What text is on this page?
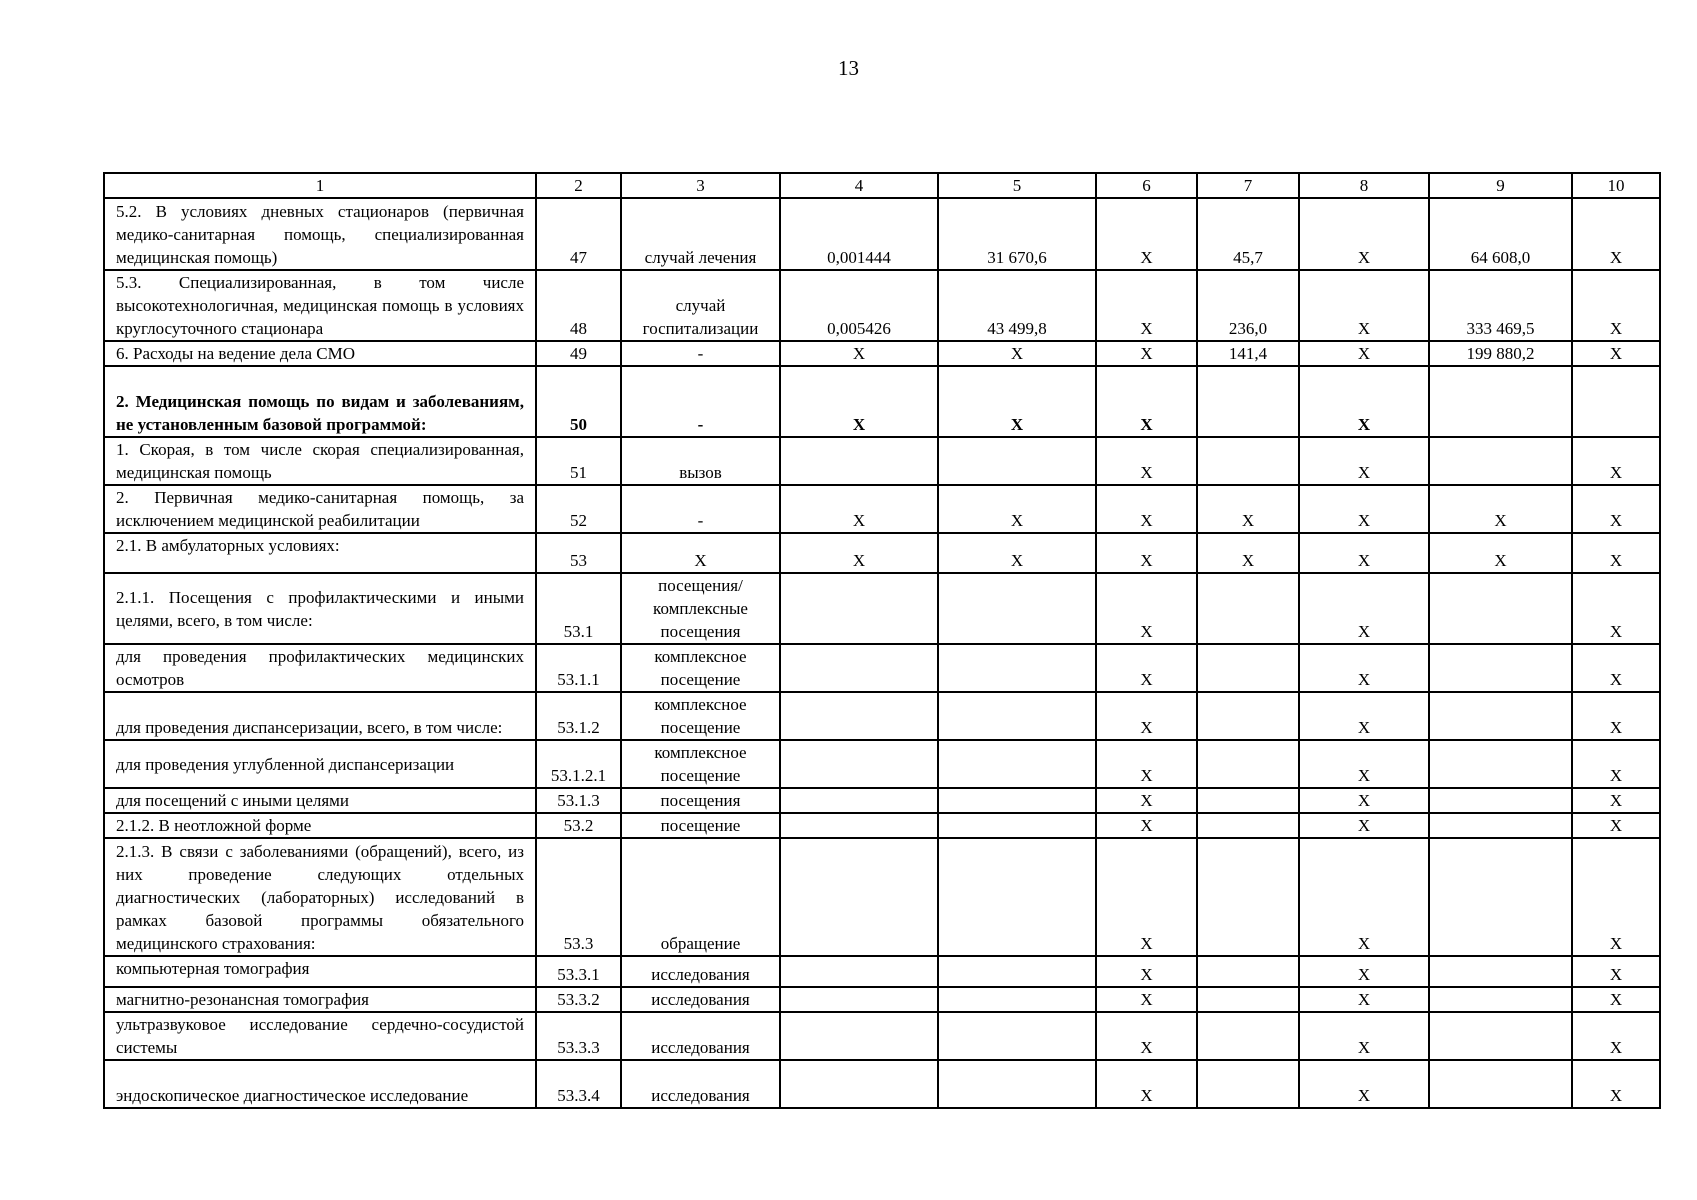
13
1	2	3	4	5	6	7	8	9	10
5.2. В условиях дневных стационаров (первичная медико-санитарная помощь, специализированная медицинская помощь)	47	случай лечения	0,001444	31 670,6	X	45,7	X	64 608,0	X
5.3. Специализированная, в том числе высокотехнологичная, медицинская помощь в условиях круглосуточного стационара	48	случай госпитализации	0,005426	43 499,8	X	236,0	X	333 469,5	X
6. Расходы на ведение дела СМО	49	-	X	X	X	141,4	X	199 880,2	X
2. Медицинская помощь по видам и заболеваниям, не установленным базовой программой:	50	-	X	X	X		X		
1. Скорая, в том числе скорая специализированная, медицинская помощь	51	вызов			X		X		X
2. Первичная медико-санитарная помощь, за исключением медицинской реабилитации	52	-	X	X	X	X	X	X	X
2.1. В амбулаторных условиях:	53	X	X	X	X	X	X	X	X
2.1.1. Посещения с профилактическими и иными целями, всего, в том числе:	53.1	посещения/ комплексные посещения			X		X		X
для проведения профилактических медицинских осмотров	53.1.1	комплексное посещение			X		X		X
для проведения диспансеризации, всего, в том числе:	53.1.2	комплексное посещение			X		X		X
для проведения углубленной диспансеризации	53.1.2.1	комплексное посещение			X		X		X
для посещений с иными целями	53.1.3	посещения			X		X		X
2.1.2. В неотложной форме	53.2	посещение			X		X		X
2.1.3. В связи с заболеваниями (обращений), всего, из них проведение следующих отдельных диагностических (лабораторных) исследований в рамках базовой программы обязательного медицинского страхования:	53.3	обращение			X		X		X
компьютерная томография	53.3.1	исследования			X		X		X
магнитно-резонансная томография	53.3.2	исследования			X		X		X
ультразвуковое исследование сердечно-сосудистой системы	53.3.3	исследования			X		X		X
эндоскопическое диагностическое исследование	53.3.4	исследования			X		X		X
